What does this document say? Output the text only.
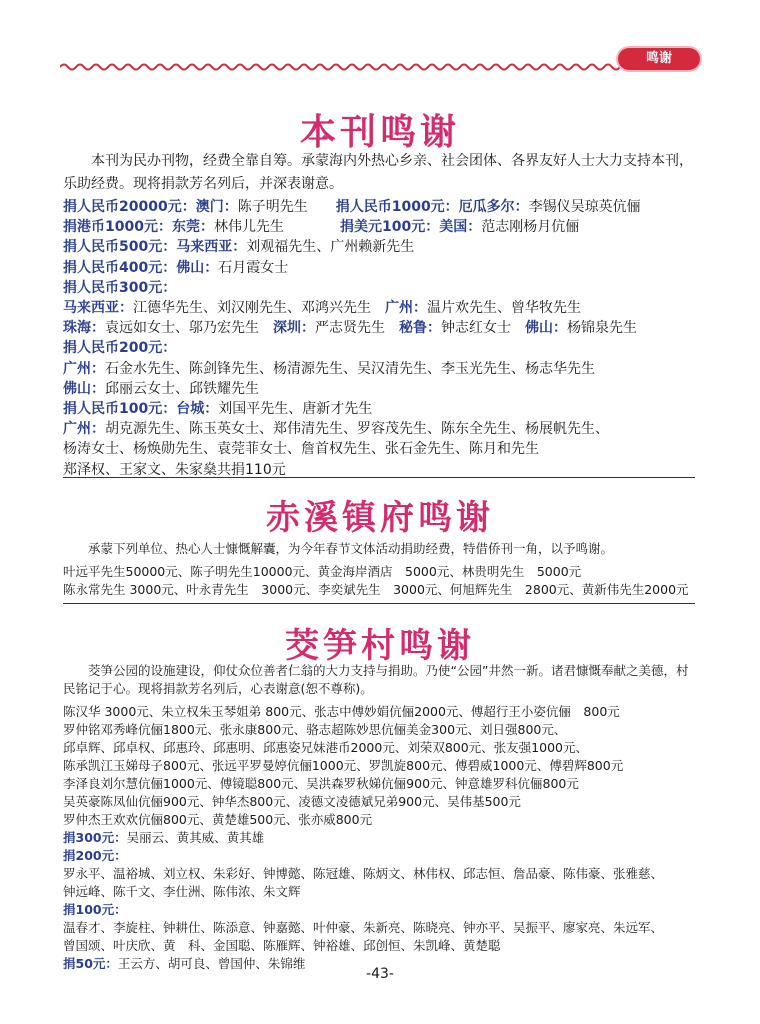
鸣谢
本刊鸣谢
本刊为民办刊物，经费全靠自筹。承蒙海内外热心乡亲、社会团体、各界友好人士大力支持本刊，乐助经费。现将捐款芳名列后，并深表谢意。
捐人民币20000元：澳门：陈子明先生　　捐人民币1000元：厄瓜多尔：李锡仪吴琼英伉俪
捐港币1000元：东莞：林伟儿先生　　　　捐美元100元：美国：范志刚杨月伉俪
捐人民币500元：马来西亚：刘观福先生、广州赖新先生
捐人民币400元：佛山：石月霞女士
捐人民币300元：
马来西亚：江德华先生、刘汉刚先生、邓鸿兴先生　广州：温片欢先生、曾华牧先生
珠海：袁远如女士、邬乃宏先生　深圳：严志贤先生　秘鲁：钟志红女士　佛山：杨锦泉先生
捐人民币200元：
广州：石金水先生、陈剑锋先生、杨清源先生、吴汉清先生、李玉光先生、杨志华先生
佛山：邱丽云女士、邱铁耀先生
捐人民币100元：台城：刘国平先生、唐新才先生
广州：胡克源先生、陈玉英女士、郑伟清先生、罗容茂先生、陈东全先生、杨展帆先生、
杨涛女士、杨焕勋先生、袁莞菲女士、詹首权先生、张石金先生、陈月和先生
郑泽权、王家文、朱家燊共捐110元
赤溪镇府鸣谢
承蒙下列单位、热心人士慷慨解囊，为今年春节文体活动捐助经费，特借侨刊一角，以予鸣谢。
叶远平先生50000元、陈子明先生10000元、黄金海岸酒店　5000元、林贵明先生　5000元
陈永常先生 3000元、叶永青先生　3000元、李奕斌先生　3000元、何旭辉先生　2800元、黄新伟先生2000元
茭笋村鸣谢
茭笋公园的设施建设，仰仗众位善者仁翁的大力支持与捐助。乃使“公园”井然一新。诸君慷慨奉献之美德，村民铭记于心。现将捐款芳名列后，心表谢意(恕不尊称)。
陈汉华 3000元、朱立权朱玉琴姐弟 800元、张志中傅妙娟伉俪2000元、傅超行王小姿伉俪　800元
罗仲铭邓秀峰伉俪1800元、张永康800元、骆志超陈妙思伉俪美金300元、刘日强800元、
邱卓辉、邱卓权、邱惠玲、邱惠明、邱惠姿兄妹港币2000元、刘荣双800元、张友强1000元、
陈承凯江玉娣母子800元、张远平罗曼婷伉俪1000元、罗凯旋800元、傅碧威1000元、傅碧辉800元
李泽良刘尔慧伉俪1000元、傅镜聪800元、吴洪森罗秋娣伉俪900元、钟意雄罗科伉俪800元
吴英豪陈凤仙伉俪900元、钟华杰800元、凌德文凌德斌兄弟900元、吴伟基500元
罗仲杰王欢欢伉俪800元、黄楚雄500元、张亦威800元
捐300元：吴丽云、黄其威、黄其雄
捐200元：
罗永平、温裕城、刘立权、朱彩好、钟博懿、陈冠雄、陈炳文、林伟权、邱志恒、詹品豪、陈伟豪、张雅慈、
钟远峰、陈千文、李仕洲、陈伟浓、朱文辉
捐100元：
温春才、李旋柱、钟耕仕、陈添意、钟嘉懿、叶仲豪、朱新亮、陈晓亮、钟亦平、吴振平、廖家亮、朱远军、
曾国颂、叶庆欣、黄　科、金国聪、陈雁辉、钟裕雄、邱创恒、朱凯峰、黄楚聪
捐50元：王云方、胡可良、曾国仲、朱锦维
-43-
